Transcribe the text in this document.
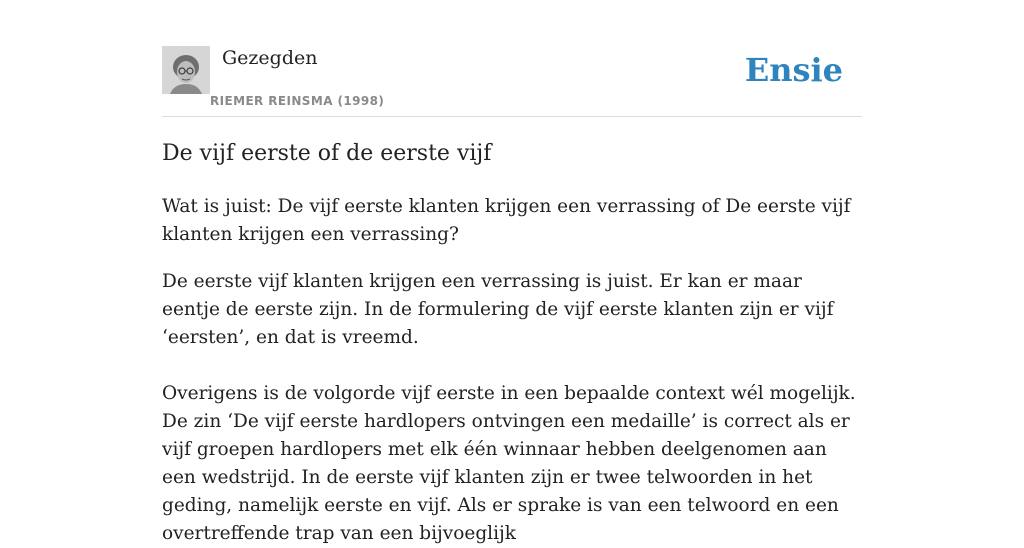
Gezegden
RIEMER REINSMA (1998)
Ensie
De vijf eerste of de eerste vijf

Wat is juist: De vijf eerste klanten krijgen een verrassing of De eerste vijf klanten krijgen een verrassing?

De eerste vijf klanten krijgen een verrassing is juist. Er kan er maar eentje de eerste zijn. In de formulering de vijf eerste klanten zijn er vijf ‘eersten’, en dat is vreemd.

Overigens is de volgorde vijf eerste in een bepaalde context wél mogelijk. De zin ‘De vijf eerste hardlopers ontvingen een medaille’ is correct als er vijf groepen hardlopers met elk één winnaar hebben deelgenomen aan een wedstrijd. In de eerste vijf klanten zijn er twee telwoorden in het geding, namelijk eerste en vijf. Als er sprake is van een telwoord en een overtreffende trap van een bijvoeglijk
